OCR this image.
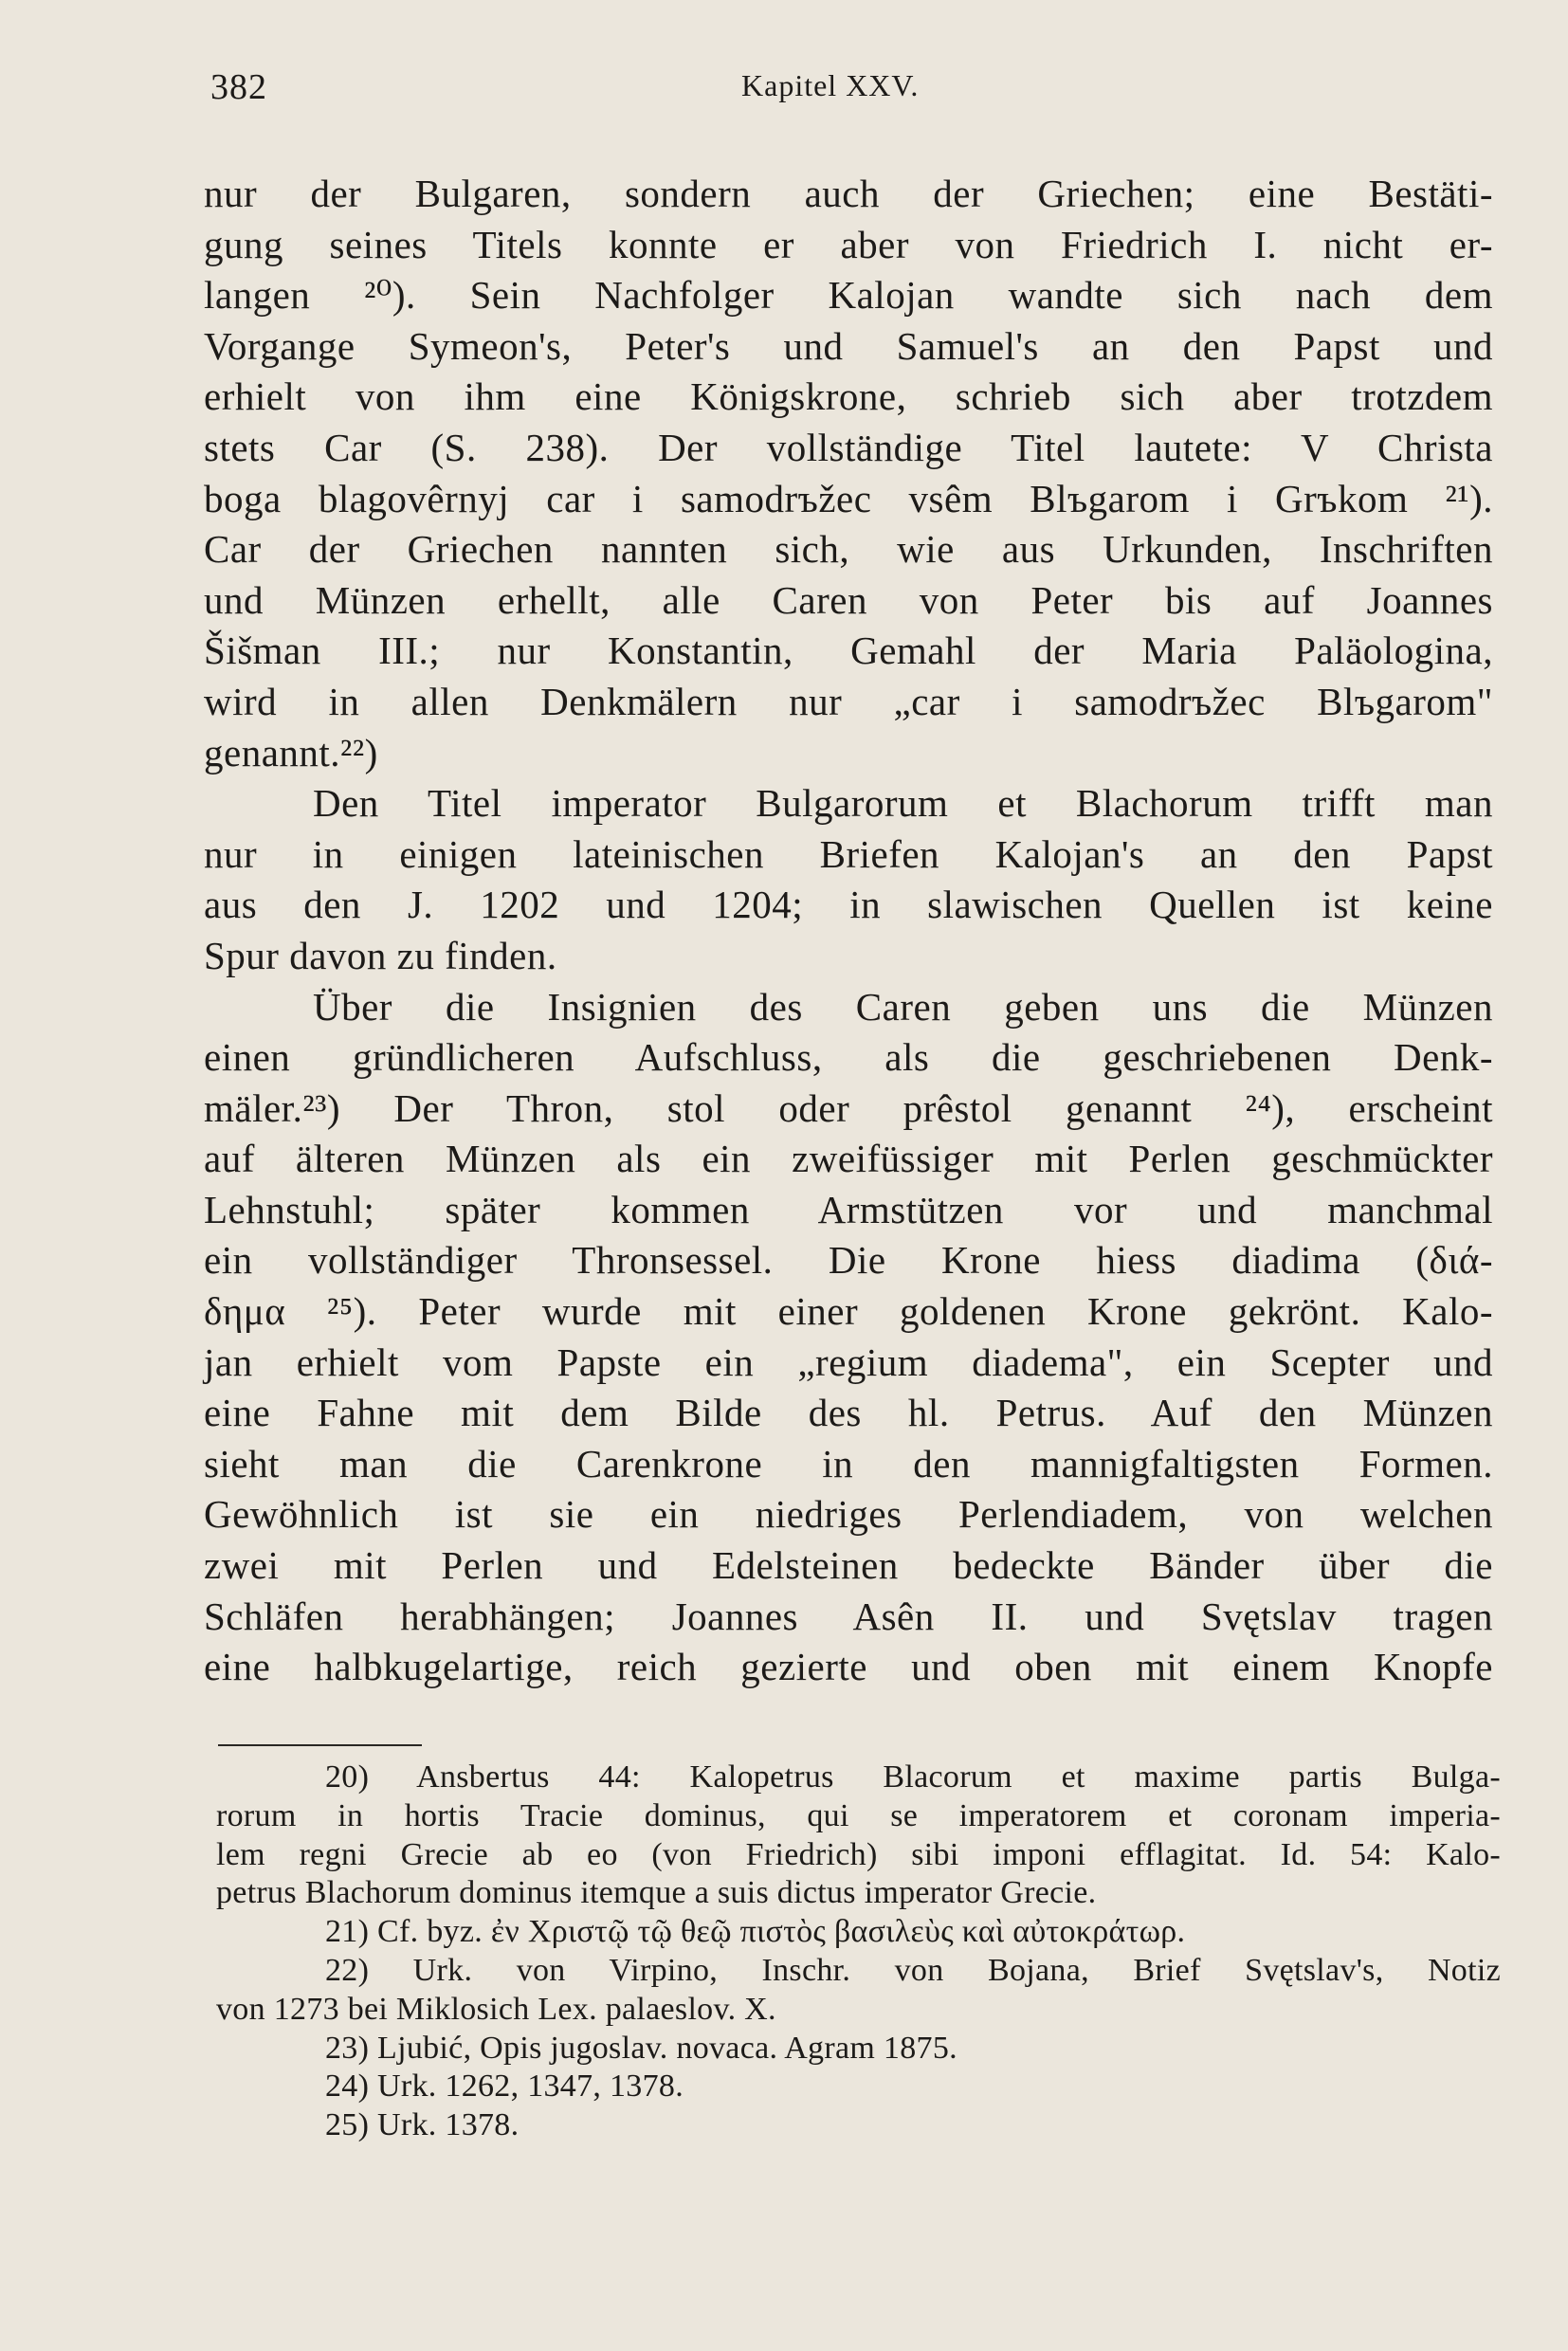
382	Kapitel XXV.
nur der Bulgaren, sondern auch der Griechen; eine Bestäti-
gung seines Titels konnte er aber von Friedrich I. nicht er-
langen ²⁰). Sein Nachfolger Kalojan wandte sich nach dem
Vorgange Symeon's, Peter's und Samuel's an den Papst und
erhielt von ihm eine Königskrone, schrieb sich aber trotzdem
stets Car (S. 238). Der vollständige Titel lautete: V Christa
boga blagovêrnyj car i samodrъžec vsêm Blъgarom i Grъkom ²¹).
Car der Griechen nannten sich, wie aus Urkunden, Inschriften
und Münzen erhellt, alle Caren von Peter bis auf Joannes
Šišman III.; nur Konstantin, Gemahl der Maria Paläologina,
wird in allen Denkmälern nur „car i samodrъžec Blъgarom"
genannt.²²)
Den Titel imperator Bulgarorum et Blachorum trifft man
nur in einigen lateinischen Briefen Kalojan's an den Papst
aus den J. 1202 und 1204; in slawischen Quellen ist keine
Spur davon zu finden.
Über die Insignien des Caren geben uns die Münzen
einen gründlicheren Aufschluss, als die geschriebenen Denk-
mäler.²³) Der Thron, stol oder prêstol genannt ²⁴), erscheint
auf älteren Münzen als ein zweifüssiger mit Perlen geschmückter
Lehnstuhl; später kommen Armstützen vor und manchmal
ein vollständiger Thronsessel. Die Krone hiess diadima (διά-
δημα ²⁵). Peter wurde mit einer goldenen Krone gekrönt. Kalo-
jan erhielt vom Papste ein „regium diadema", ein Scepter und
eine Fahne mit dem Bilde des hl. Petrus. Auf den Münzen
sieht man die Carenkrone in den mannigfaltigsten Formen.
Gewöhnlich ist sie ein niedriges Perlendiadem, von welchen
zwei mit Perlen und Edelsteinen bedeckte Bänder über die
Schläfen herabhängen; Joannes Asên II. und Svętslav tragen
eine halbkugelartige, reich gezierte und oben mit einem Knopfe
20) Ansbertus 44: Kalopetrus Blacorum et maxime partis Bulga-
rorum in hortis Tracie dominus, qui se imperatorem et coronam imperia-
lem regni Grecie ab eo (von Friedrich) sibi imponi efflagitat. Id. 54: Kalo-
petrus Blachorum dominus itemque a suis dictus imperator Grecie.
21) Cf. byz. ἐν Χριστῷ τῷ θεῷ πιστὸς βασιλεὺς καὶ αὐτοκράτωρ.
22) Urk. von Virpino, Inschr. von Bojana, Brief Svętslav's, Notiz
von 1273 bei Miklosich Lex. palaeslov. X.
23) Ljubić, Opis jugoslav. novaca. Agram 1875.
24) Urk. 1262, 1347, 1378.
25) Urk. 1378.
